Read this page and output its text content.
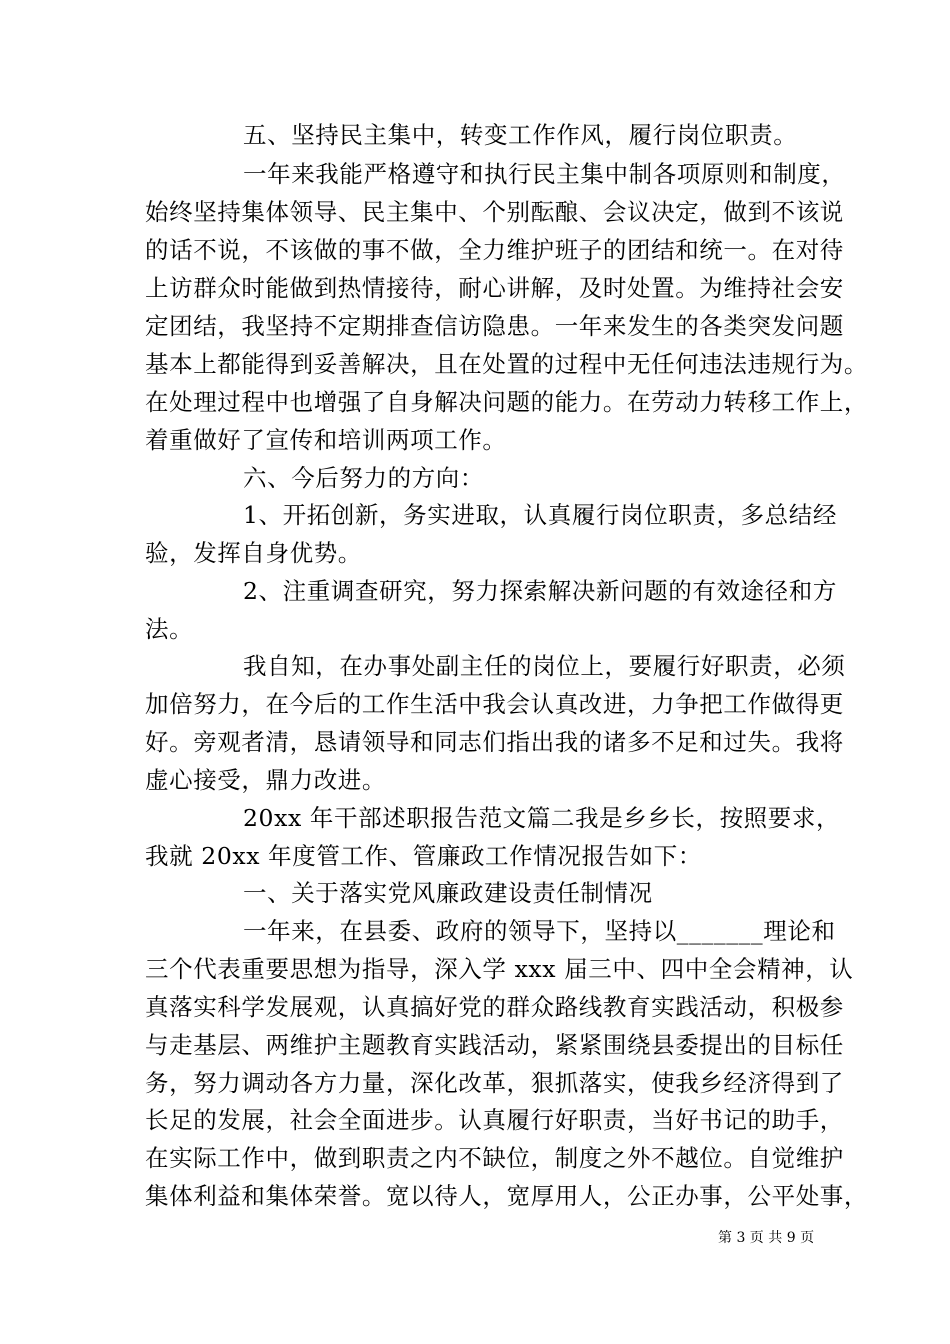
五、坚持民主集中，转变工作作风，履行岗位职责。
一年来我能严格遵守和执行民主集中制各项原则和制度，
始终坚持集体领导、民主集中、个别酝酿、会议决定，做到不该说
的话不说，不该做的事不做，全力维护班子的团结和统一。在对待
上访群众时能做到热情接待，耐心讲解，及时处置。为维持社会安
定团结，我坚持不定期排查信访隐患。一年来发生的各类突发问题
基本上都能得到妥善解决，且在处置的过程中无任何违法违规行为。
在处理过程中也增强了自身解决问题的能力。在劳动力转移工作上，
着重做好了宣传和培训两项工作。
六、今后努力的方向：
1、开拓创新，务实进取，认真履行岗位职责，多总结经
验，发挥自身优势。
2、注重调查研究，努力探索解决新问题的有效途径和方
法。
我自知，在办事处副主任的岗位上，要履行好职责，必须
加倍努力，在今后的工作生活中我会认真改进，力争把工作做得更
好。旁观者清，恳请领导和同志们指出我的诸多不足和过失。我将
虚心接受，鼎力改进。
20xx 年干部述职报告范文篇二我是乡乡长，按照要求，
我就 20xx 年度管工作、管廉政工作情况报告如下：
一、关于落实党风廉政建设责任制情况
一年来，在县委、政府的领导下，坚持以_______理论和
三个代表重要思想为指导，深入学 xxx 届三中、四中全会精神，认
真落实科学发展观，认真搞好党的群众路线教育实践活动，积极参
与走基层、两维护主题教育实践活动，紧紧围绕县委提出的目标任
务，努力调动各方力量，深化改革，狠抓落实，使我乡经济得到了
长足的发展，社会全面进步。认真履行好职责，当好书记的助手，
在实际工作中，做到职责之内不缺位，制度之外不越位。自觉维护
集体利益和集体荣誉。宽以待人，宽厚用人，公正办事，公平处事，
第 3 页 共 9 页
